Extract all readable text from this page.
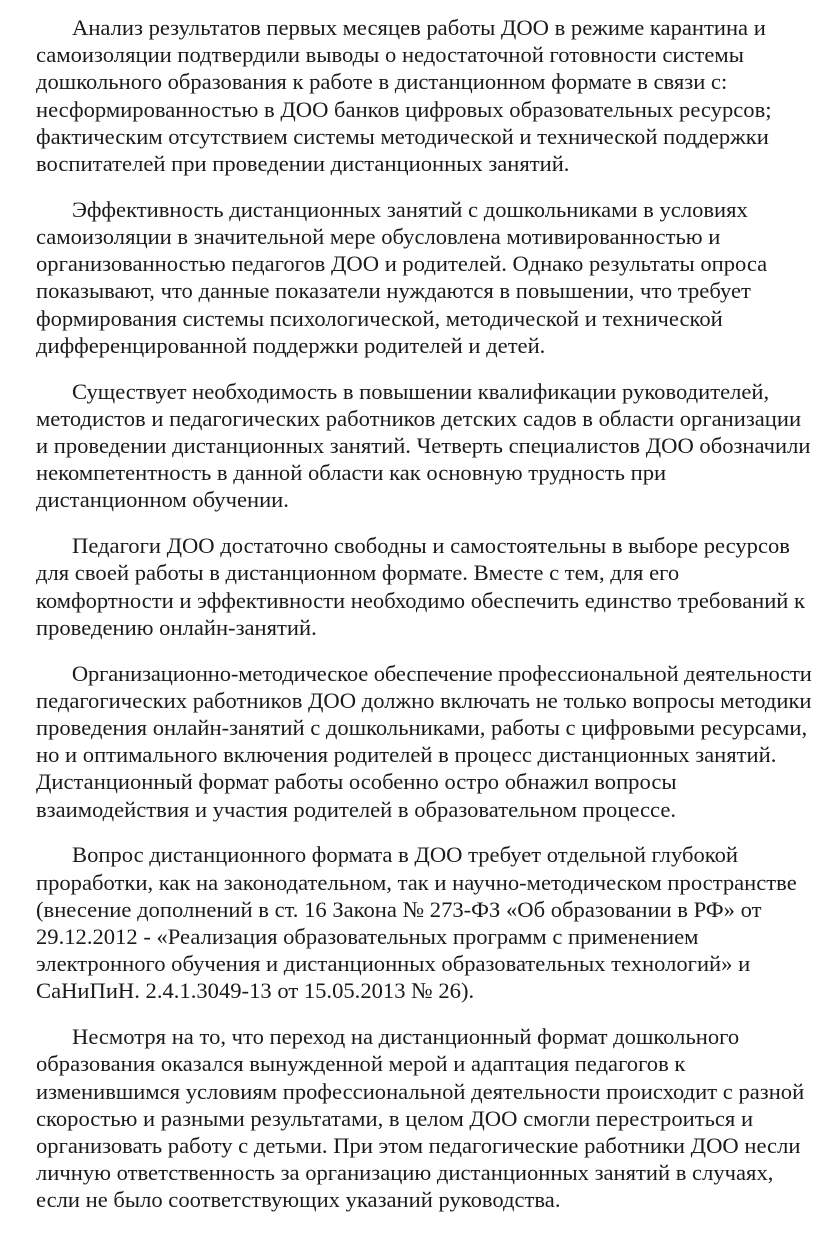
Анализ результатов первых месяцев работы ДОО в режиме карантина и
самоизоляции подтвердили выводы о недостаточной готовности системы
дошкольного образования к работе в дистанционном формате в связи с:
несформированностью в ДОО банков цифровых образовательных ресурсов;
фактическим отсутствием системы методической и технической поддержки
воспитателей при проведении дистанционных занятий.

Эффективность дистанционных занятий с дошкольниками в условиях
самоизоляции в значительной мере обусловлена мотивированностью и
организованностью педагогов ДОО и родителей. Однако результаты опроса
показывают, что данные показатели нуждаются в повышении, что требует
формирования системы психологической, методической и технической
дифференцированной поддержки родителей и детей.

Существует необходимость в повышении квалификации руководителей,
методистов и педагогических работников детских садов в области организации
и проведении дистанционных занятий. Четверть специалистов ДОО обозначили
некомпетентность в данной области как основную трудность при
дистанционном обучении.

Педагоги ДОО достаточно свободны и самостоятельны в выборе ресурсов
для своей работы в дистанционном формате. Вместе с тем, для его
комфортности и эффективности необходимо обеспечить единство требований к
проведению онлайн-занятий.

Организационно-методическое обеспечение профессиональной деятельности
педагогических работников ДОО должно включать не только вопросы методики
проведения онлайн-занятий с дошкольниками, работы с цифровыми ресурсами,
но и оптимального включения родителей в процесс дистанционных занятий.
Дистанционный формат работы особенно остро обнажил вопросы
взаимодействия и участия родителей в образовательном процессе.

Вопрос дистанционного формата в ДОО требует отдельной глубокой
проработки, как на законодательном, так и научно-методическом пространстве
(внесение дополнений в ст. 16 Закона № 273-ФЗ «Об образовании в РФ» от
29.12.2012 - «Реализация образовательных программ с применением
электронного обучения и дистанционных образовательных технологий» и
СаНиПиН. 2.4.1.3049-13 от 15.05.2013 № 26).

Несмотря на то, что переход на дистанционный формат дошкольного
образования оказался вынужденной мерой и адаптация педагогов к
изменившимся условиям профессиональной деятельности происходит с разной
скоростью и разными результатами, в целом ДОО смогли перестроиться и
организовать работу с детьми. При этом педагогические работники ДОО несли
личную ответственность за организацию дистанционных занятий в случаях,
если не было соответствующих указаний руководства.
